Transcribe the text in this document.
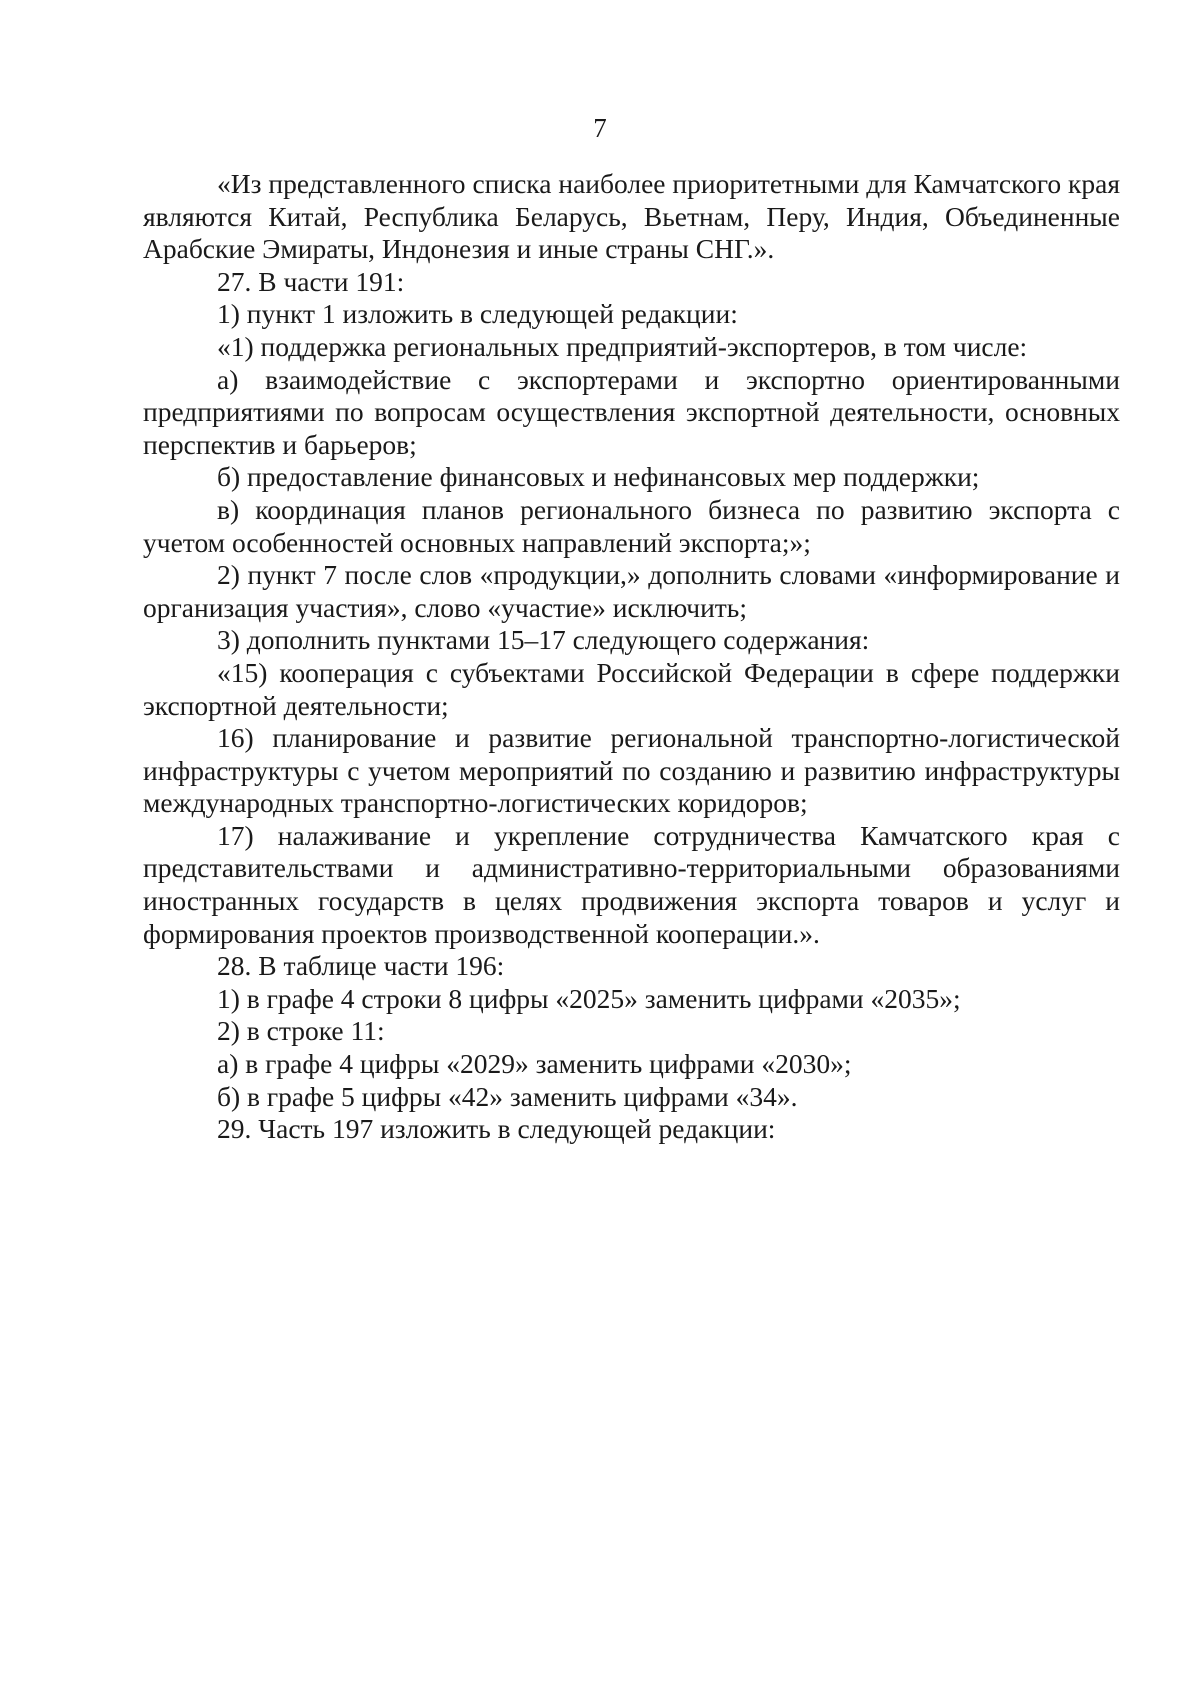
7

«Из представленного списка наиболее приоритетными для Камчатского края являются Китай, Республика Беларусь, Вьетнам, Перу, Индия, Объединенные Арабские Эмираты, Индонезия и иные страны СНГ.».

27. В части 191:

1) пункт 1 изложить в следующей редакции:

«1) поддержка региональных предприятий-экспортеров, в том числе:

а) взаимодействие с экспортерами и экспортно ориентированными предприятиями по вопросам осуществления экспортной деятельности, основных перспектив и барьеров;

б) предоставление финансовых и нефинансовых мер поддержки;

в) координация планов регионального бизнеса по развитию экспорта с учетом особенностей основных направлений экспорта;»;

2) пункт 7 после слов «продукции,» дополнить словами «информирование и организация участия», слово «участие» исключить;

3) дополнить пунктами 15–17 следующего содержания:

«15) кооперация с субъектами Российской Федерации в сфере поддержки экспортной деятельности;

16) планирование и развитие региональной транспортно-логистической инфраструктуры с учетом мероприятий по созданию и развитию инфраструктуры международных транспортно-логистических коридоров;

17) налаживание и укрепление сотрудничества Камчатского края с представительствами и административно-территориальными образованиями иностранных государств в целях продвижения экспорта товаров и услуг и формирования проектов производственной кооперации.».

28. В таблице части 196:

1) в графе 4 строки 8 цифры «2025» заменить цифрами «2035»;

2) в строке 11:

а) в графе 4 цифры «2029» заменить цифрами «2030»;

б) в графе 5 цифры «42» заменить цифрами «34».

29. Часть 197 изложить в следующей редакции:
